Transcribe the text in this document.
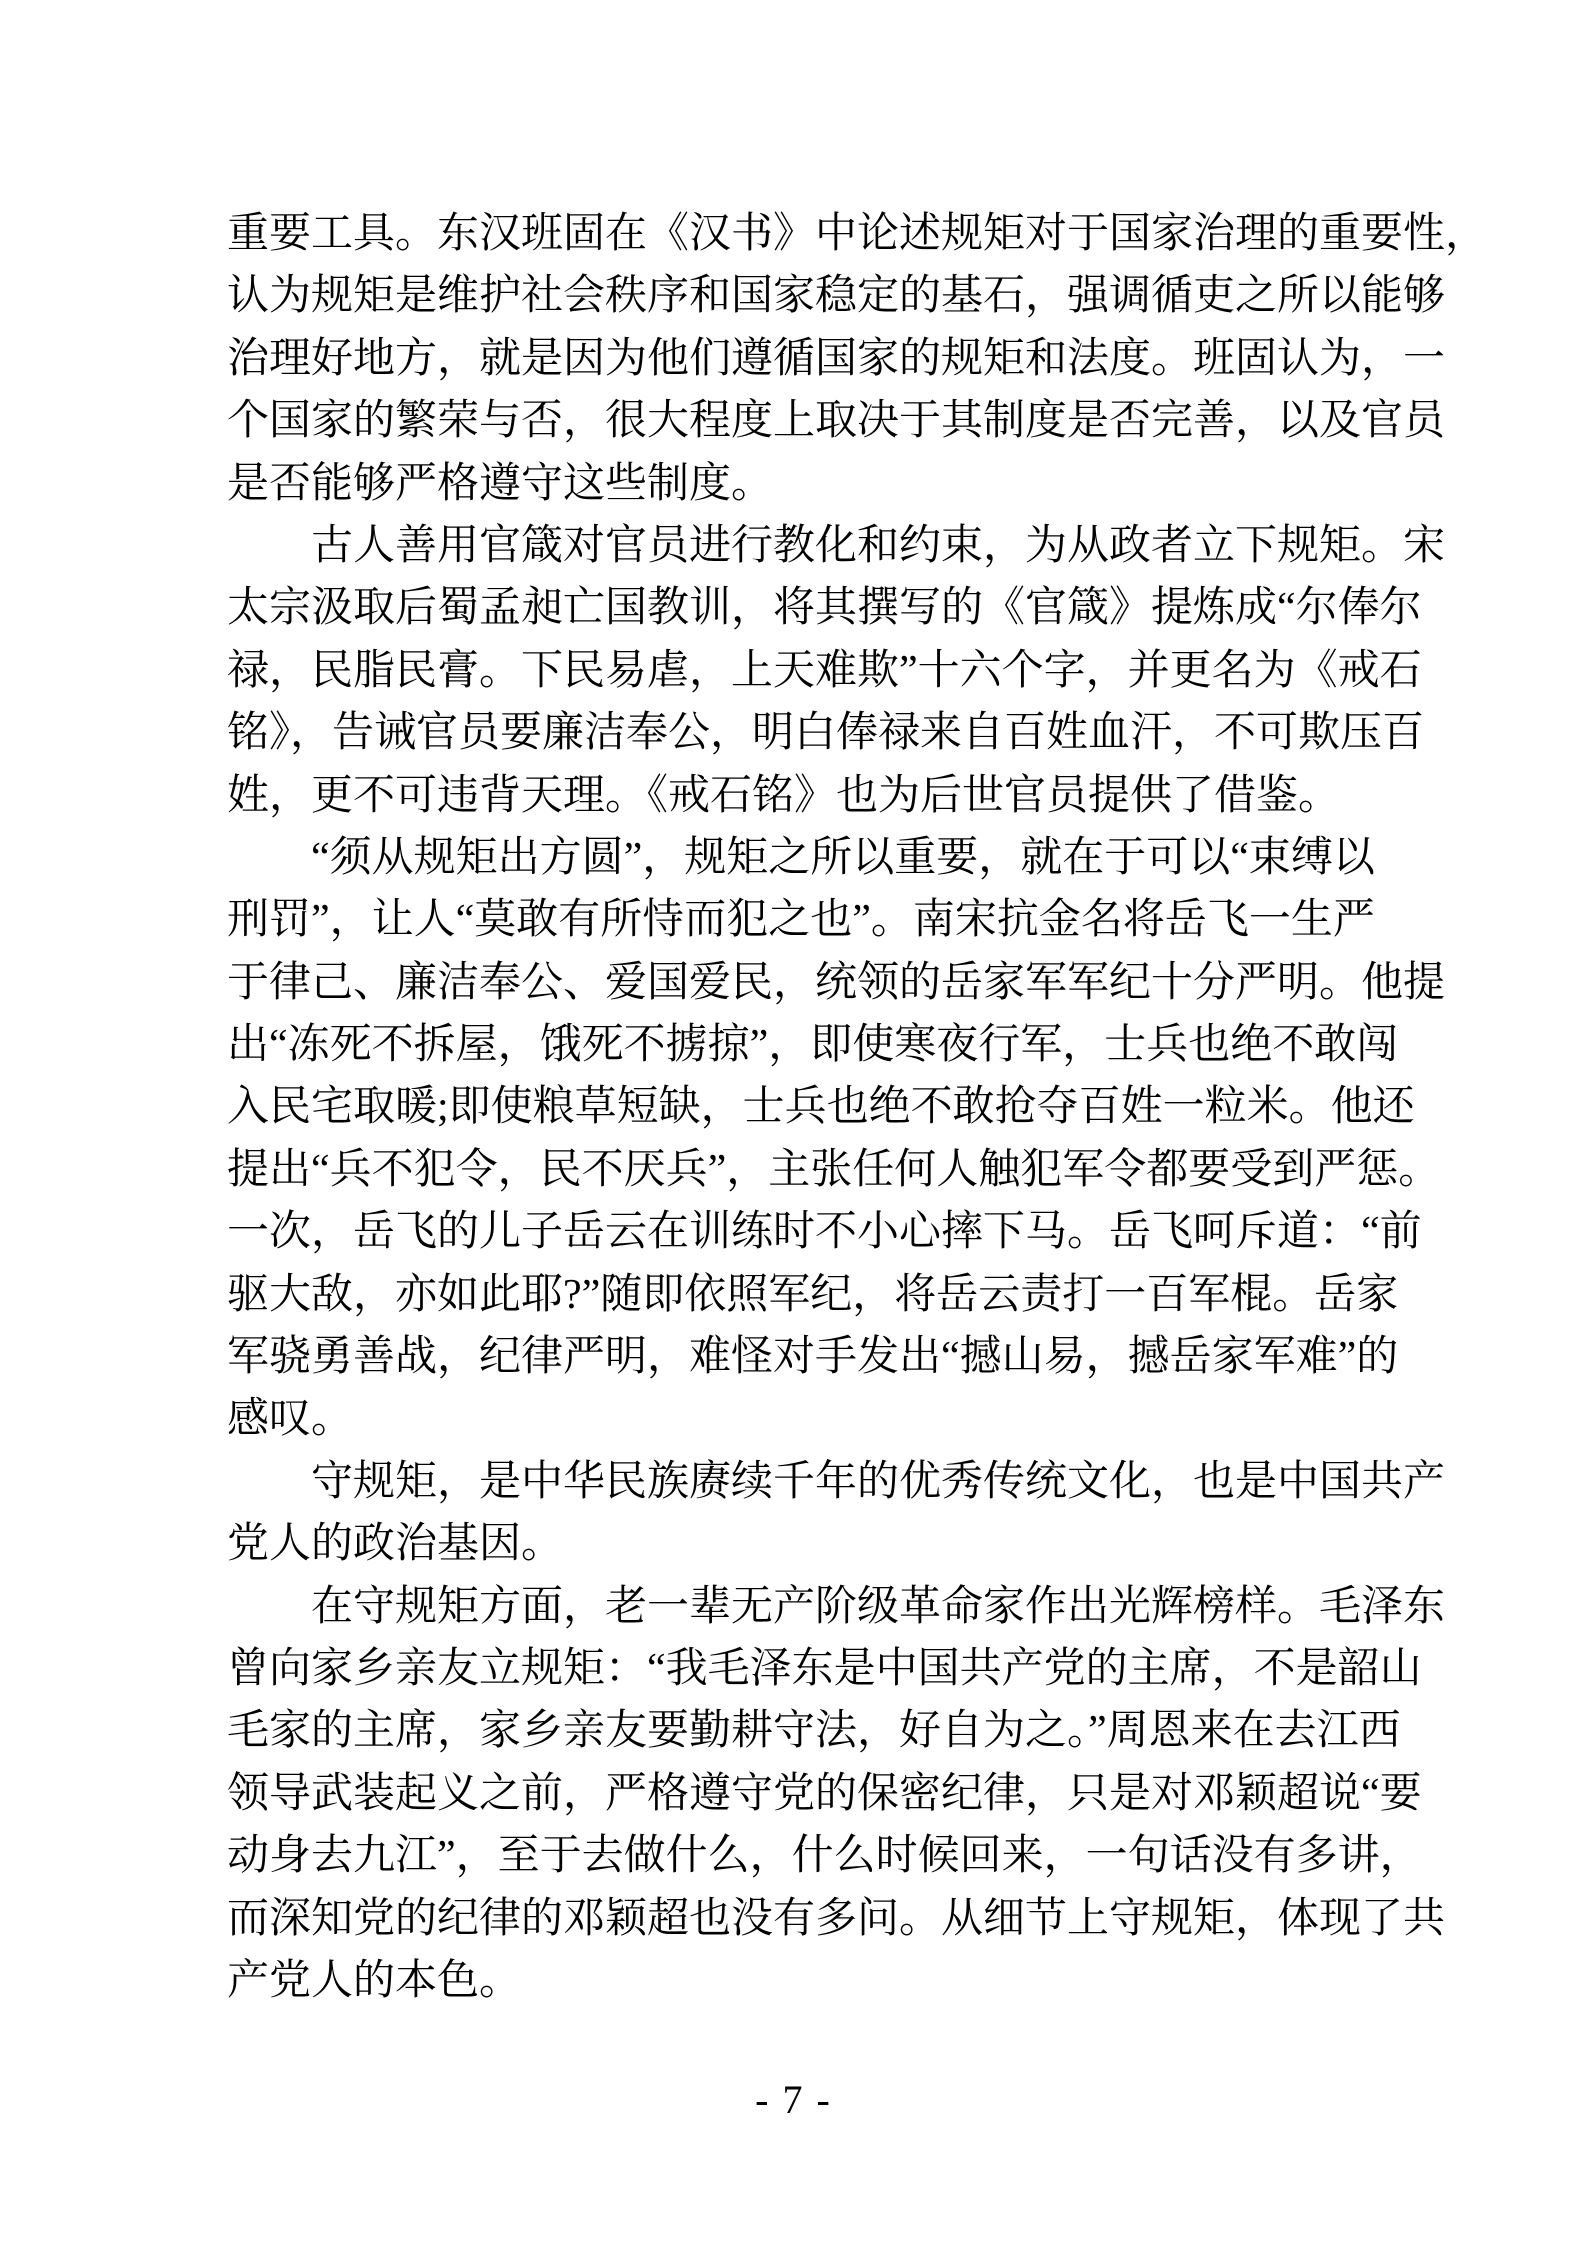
重要工具。东汉班固在《汉书》中论述规矩对于国家治理的重要性，
认为规矩是维护社会秩序和国家稳定的基石，强调循吏之所以能够
治理好地方，就是因为他们遵循国家的规矩和法度。班固认为，一
个国家的繁荣与否，很大程度上取决于其制度是否完善，以及官员
是否能够严格遵守这些制度。
古人善用官箴对官员进行教化和约束，为从政者立下规矩。宋
太宗汲取后蜀孟昶亡国教训，将其撰写的《官箴》提炼成“尔俸尔
禄，民脂民膏。下民易虐，上天难欺”十六个字，并更名为《戒石
铭》，告诫官员要廉洁奉公，明白俸禄来自百姓血汗，不可欺压百
姓，更不可违背天理。《戒石铭》也为后世官员提供了借鉴。
“须从规矩出方圆”，规矩之所以重要，就在于可以“束缚以
刑罚”，让人“莫敢有所恃而犯之也”。南宋抗金名将岳飞一生严
于律己、廉洁奉公、爱国爱民，统领的岳家军军纪十分严明。他提
出“冻死不拆屋，饿死不掳掠”，即使寒夜行军，士兵也绝不敢闯
入民宅取暖;即使粮草短缺，士兵也绝不敢抢夺百姓一粒米。他还
提出“兵不犯令，民不厌兵”，主张任何人触犯军令都要受到严惩。
一次，岳飞的儿子岳云在训练时不小心摔下马。岳飞呵斥道：“前
驱大敌，亦如此耶?”随即依照军纪，将岳云责打一百军棍。岳家
军骁勇善战，纪律严明，难怪对手发出“撼山易，撼岳家军难”的
感叹。
守规矩，是中华民族赓续千年的优秀传统文化，也是中国共产
党人的政治基因。
在守规矩方面，老一辈无产阶级革命家作出光辉榜样。毛泽东
曾向家乡亲友立规矩：“我毛泽东是中国共产党的主席，不是韶山
毛家的主席，家乡亲友要勤耕守法，好自为之。”周恩来在去江西
领导武装起义之前，严格遵守党的保密纪律，只是对邓颖超说“要
动身去九江”，至于去做什么，什么时候回来，一句话没有多讲，
而深知党的纪律的邓颖超也没有多问。从细节上守规矩，体现了共
产党人的本色。
- 7 -
